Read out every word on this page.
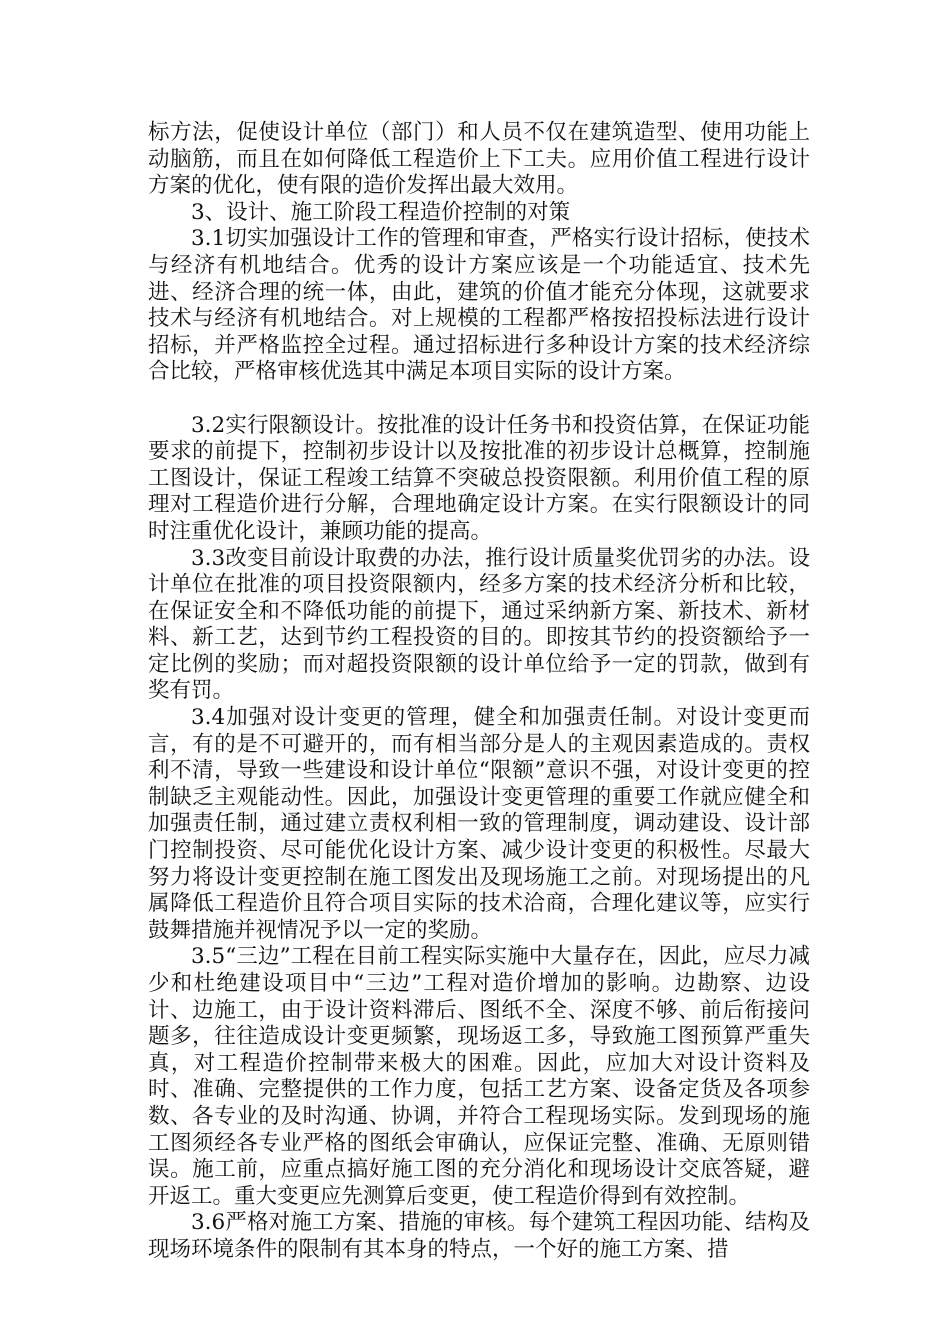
标方法，促使设计单位（部门）和人员不仅在建筑造型、使用功能上动脑筋，而且在如何降低工程造价上下工夫。应用价值工程进行设计方案的优化，使有限的造价发挥出最大效用。

3、设计、施工阶段工程造价控制的对策

3.1切实加强设计工作的管理和审查，严格实行设计招标，使技术与经济有机地结合。优秀的设计方案应该是一个功能适宜、技术先进、经济合理的统一体，由此，建筑的价值才能充分体现，这就要求技术与经济有机地结合。对上规模的工程都严格按招投标法进行设计招标，并严格监控全过程。通过招标进行多种设计方案的技术经济综合比较，严格审核优选其中满足本项目实际的设计方案。

3.2实行限额设计。按批准的设计任务书和投资估算，在保证功能要求的前提下，控制初步设计以及按批准的初步设计总概算，控制施工图设计，保证工程竣工结算不突破总投资限额。利用价值工程的原理对工程造价进行分解，合理地确定设计方案。在实行限额设计的同时注重优化设计，兼顾功能的提高。

3.3改变目前设计取费的办法，推行设计质量奖优罚劣的办法。设计单位在批准的项目投资限额内，经多方案的技术经济分析和比较，在保证安全和不降低功能的前提下，通过采纳新方案、新技术、新材料、新工艺，达到节约工程投资的目的。即按其节约的投资额给予一定比例的奖励；而对超投资限额的设计单位给予一定的罚款，做到有奖有罚。

3.4加强对设计变更的管理，健全和加强责任制。对设计变更而言，有的是不可避开的，而有相当部分是人的主观因素造成的。责权利不清，导致一些建设和设计单位“限额”意识不强，对设计变更的控制缺乏主观能动性。因此，加强设计变更管理的重要工作就应健全和加强责任制，通过建立责权利相一致的管理制度，调动建设、设计部门控制投资、尽可能优化设计方案、减少设计变更的积极性。尽最大努力将设计变更控制在施工图发出及现场施工之前。对现场提出的凡属降低工程造价且符合项目实际的技术洽商，合理化建议等，应实行鼓舞措施并视情况予以一定的奖励。

3.5“三边”工程在目前工程实际实施中大量存在，因此，应尽力减少和杜绝建设项目中“三边”工程对造价增加的影响。边勘察、边设计、边施工，由于设计资料滞后、图纸不全、深度不够、前后衔接问题多，往往造成设计变更频繁，现场返工多，导致施工图预算严重失真，对工程造价控制带来极大的困难。因此，应加大对设计资料及时、准确、完整提供的工作力度，包括工艺方案、设备定货及各项参数、各专业的及时沟通、协调，并符合工程现场实际。发到现场的施工图须经各专业严格的图纸会审确认，应保证完整、准确、无原则错误。施工前，应重点搞好施工图的充分消化和现场设计交底答疑，避开返工。重大变更应先测算后变更，使工程造价得到有效控制。

3.6严格对施工方案、措施的审核。每个建筑工程因功能、结构及现场环境条件的限制有其本身的特点，一个好的施工方案、措
